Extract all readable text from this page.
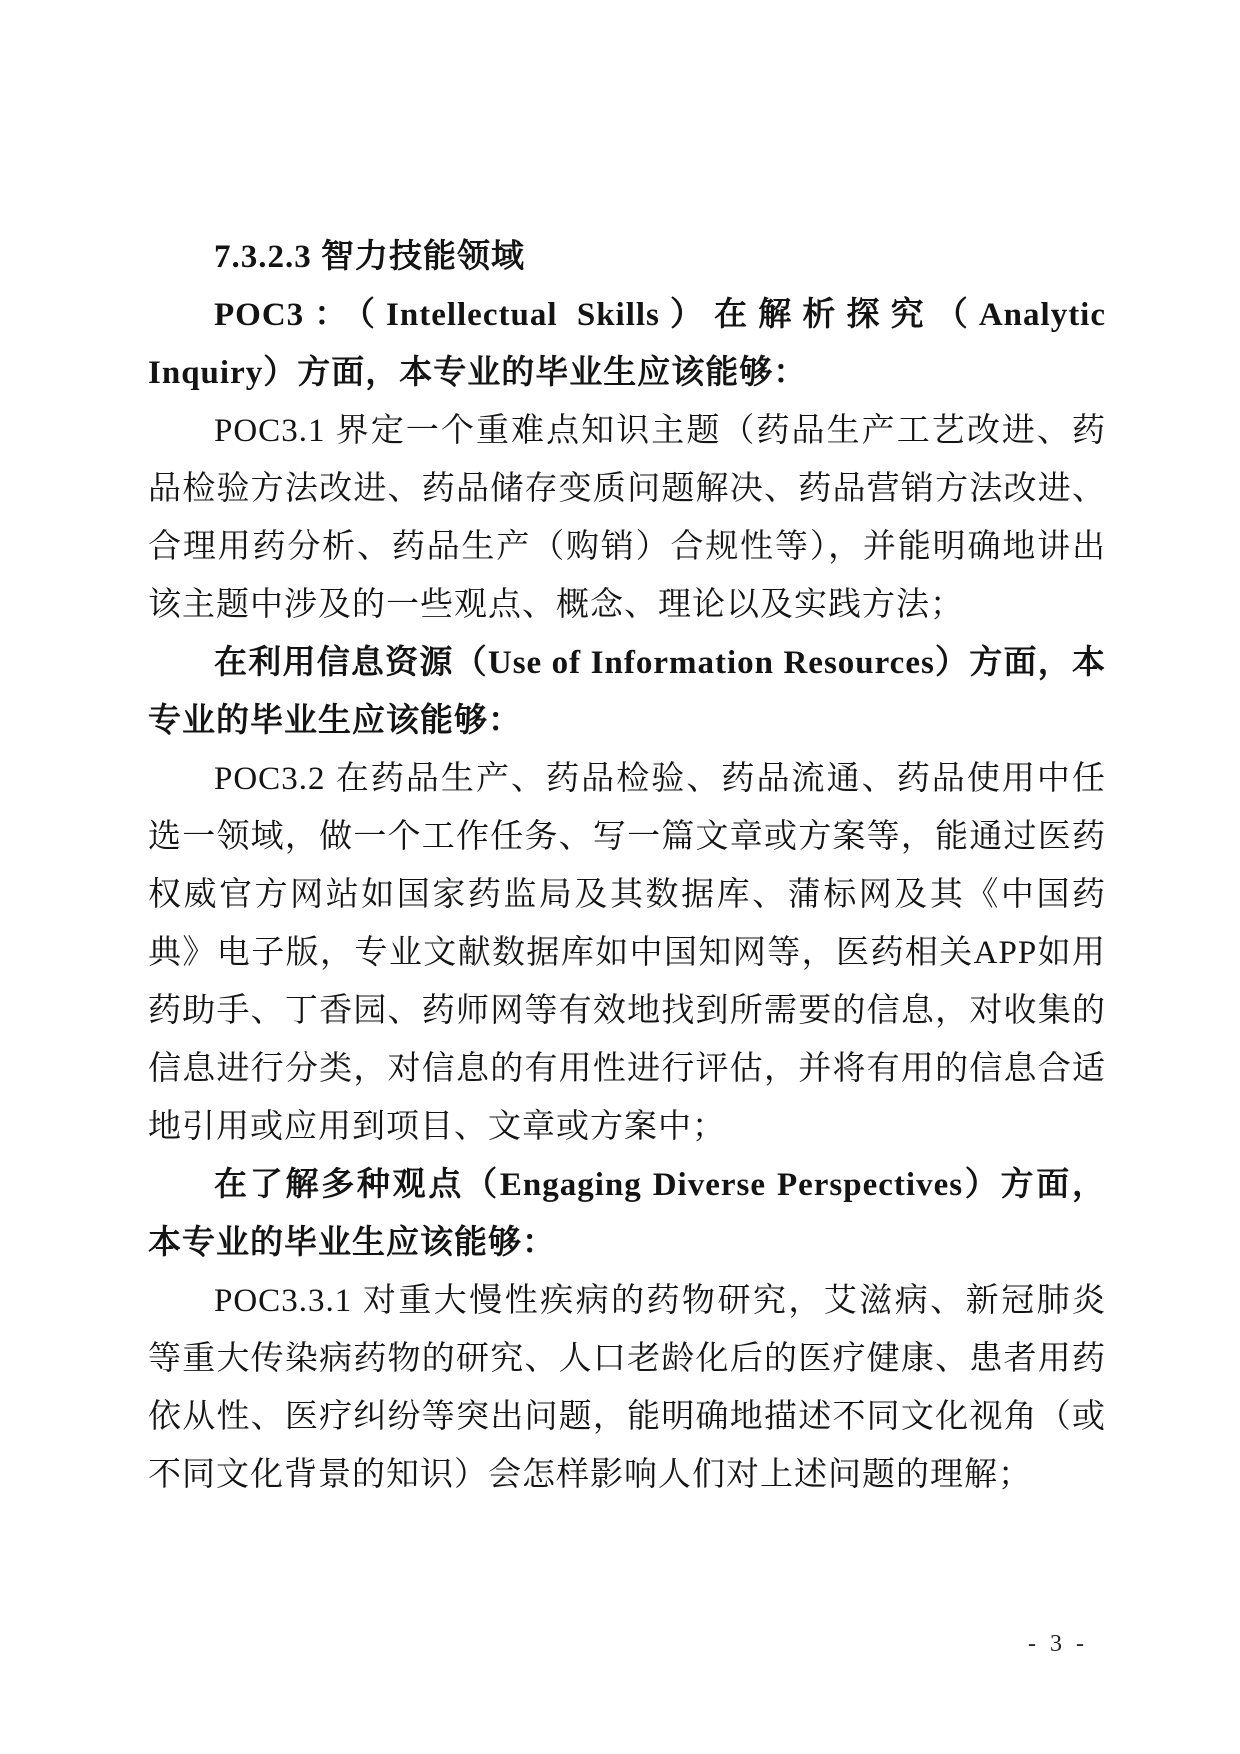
7.3.2.3 智力技能领域

POC3：（Intellectual Skills）在解析探究（Analytic Inquiry）方面，本专业的毕业生应该能够：

POC3.1 界定一个重难点知识主题（药品生产工艺改进、药品检验方法改进、药品储存变质问题解决、药品营销方法改进、合理用药分析、药品生产（购销）合规性等），并能明确地讲出该主题中涉及的一些观点、概念、理论以及实践方法；

在利用信息资源（Use of Information Resources）方面，本专业的毕业生应该能够：

POC3.2 在药品生产、药品检验、药品流通、药品使用中任选一领域，做一个工作任务、写一篇文章或方案等，能通过医药权威官方网站如国家药监局及其数据库、蒲标网及其《中国药典》电子版，专业文献数据库如中国知网等，医药相关APP如用药助手、丁香园、药师网等有效地找到所需要的信息，对收集的信息进行分类，对信息的有用性进行评估，并将有用的信息合适地引用或应用到项目、文章或方案中；

在了解多种观点（Engaging Diverse Perspectives）方面，本专业的毕业生应该能够：

POC3.3.1 对重大慢性疾病的药物研究，艾滋病、新冠肺炎等重大传染病药物的研究、人口老龄化后的医疗健康、患者用药依从性、医疗纠纷等突出问题，能明确地描述不同文化视角（或不同文化背景的知识）会怎样影响人们对上述问题的理解；

- 3 -
